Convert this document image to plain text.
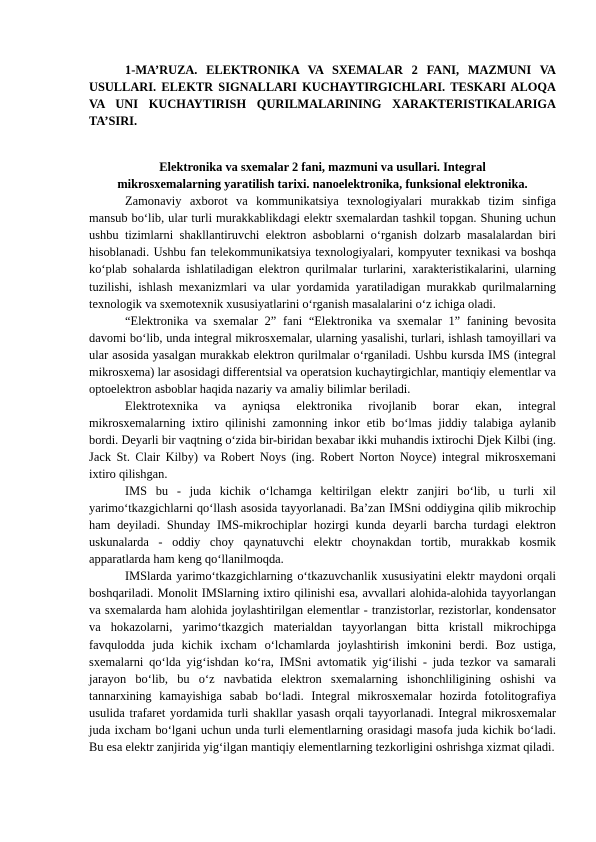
1-MA’RUZA. ELEKTRONIKA VA SXEMALAR 2 FANI, MAZMUNI VA USULLARI. ELEKTR SIGNALLARI KUCHAYTIRGICHLARI. TESKARI ALOQA VA UNI KUCHAYTIRISH QURILMALARINING XARAKTERISTIKALARIGA TA’SIRI.

Elektronika va sxemalar 2 fani, mazmuni va usullari. Integral
mikrosxemalarning yaratilish tarixi. nanoelektronika, funksional elektronika.

Zamonaviy axborot va kommunikatsiya texnologiyalari murakkab tizim sinfiga mansub bo‘lib, ular turli murakkablikdagi elektr sxemalardan tashkil topgan. Shuning uchun ushbu tizimlarni shakllantiruvchi elektron asboblarni o‘rganish dolzarb masalalardan biri hisoblanadi. Ushbu fan telekommunikatsiya texnologiyalari, kompyuter texnikasi va boshqa ko‘plab sohalarda ishlatiladigan elektron qurilmalar turlarini, xarakteristikalarini, ularning tuzilishi, ishlash mexanizmlari va ular yordamida yaratiladigan murakkab qurilmalarning texnologik va sxemotexnik xususiyatlarini o‘rganish masalalarini o‘z ichiga oladi.

“Elektronika va sxemalar 2” fani “Elektronika va sxemalar 1” fanining bevosita davomi bo‘lib, unda integral mikrosxemalar, ularning yasalishi, turlari, ishlash tamoyillari va ular asosida yasalgan murakkab elektron qurilmalar o‘rganiladi. Ushbu kursda IMS (integral mikrosxema) lar asosidagi differentsial va operatsion kuchaytirgichlar, mantiqiy elementlar va optoelektron asboblar haqida nazariy va amaliy bilimlar beriladi.

Elektrotexnika va ayniqsa elektronika rivojlanib borar ekan, integral mikrosxemalarning ixtiro qilinishi zamonning inkor etib bo‘lmas jiddiy talabiga aylanib bordi. Deyarli bir vaqtning o‘zida bir-biridan bexabar ikki muhandis ixtirochi Djek Kilbi (ing. Jack St. Clair Kilby) va Robert Noys (ing. Robert Norton Noyce) integral mikrosxemani ixtiro qilishgan.

IMS bu - juda kichik o‘lchamga keltirilgan elektr zanjiri bo‘lib, u turli xil yarimo‘tkazgichlarni qo‘llash asosida tayyorlanadi. Ba’zan IMSni oddiygina qilib mikrochip ham deyiladi. Shunday IMS-mikrochiplar hozirgi kunda deyarli barcha turdagi elektron uskunalarda - oddiy choy qaynatuvchi elektr choynakdan tortib, murakkab kosmik apparatlarda ham keng qo‘llanilmoqda.

IMSlarda yarimo‘tkazgichlarning o‘tkazuvchanlik xususiyatini elektr maydoni orqali boshqariladi. Monolit IMSlarning ixtiro qilinishi esa, avvallari alohida-alohida tayyorlangan va sxemalarda ham alohida joylashtirilgan elementlar - tranzistorlar, rezistorlar, kondensator va hokazolarni, yarimo‘tkazgich materialdan tayyorlangan bitta kristall mikrochipga favqulodda juda kichik ixcham o‘lchamlarda joylashtirish imkonini berdi. Boz ustiga, sxemalarni qo‘lda yig‘ishdan ko‘ra, IMSni avtomatik yig‘ilishi - juda tezkor va samarali jarayon bo‘lib, bu o‘z navbatida elektron sxemalarning ishonchliligining oshishi va tannarxining kamayishiga sabab bo‘ladi. Integral mikrosxemalar hozirda fotolitografiya usulida trafaret yordamida turli shakllar yasash orqali tayyorlanadi. Integral mikrosxemalar juda ixcham bo‘lgani uchun unda turli elementlarning orasidagi masofa juda kichik bo‘ladi. Bu esa elektr zanjirida yig‘ilgan mantiqiy elementlarning tezkorligini oshrishga xizmat qiladi.
